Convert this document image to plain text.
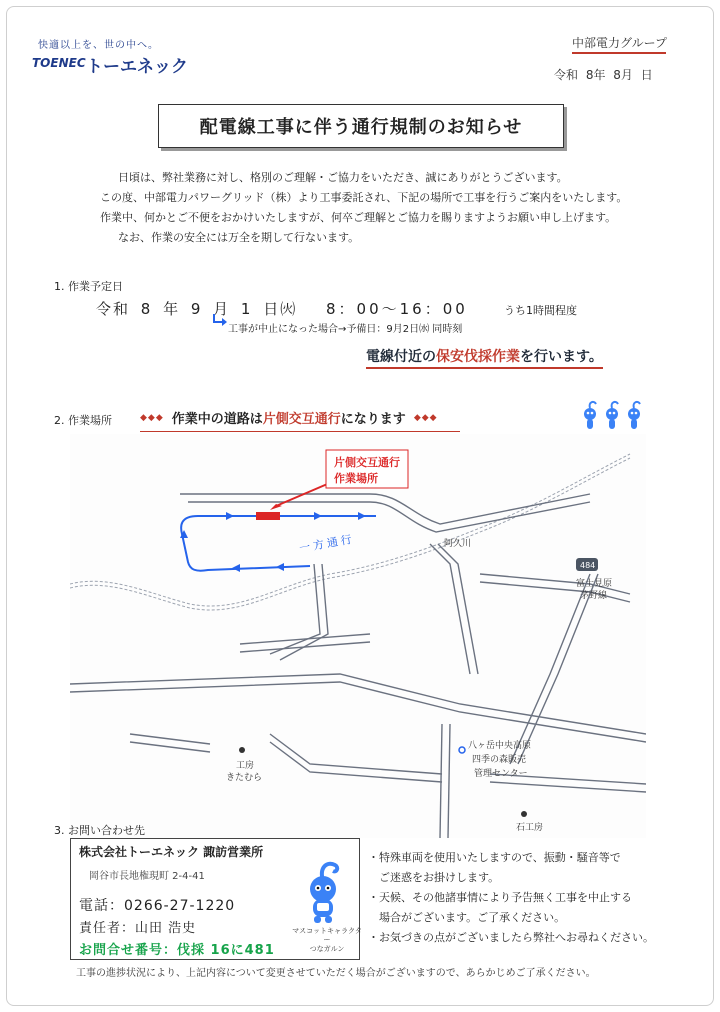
快適以上を、世の中へ。
TOENEC トーエネック
中部電力グループ
令和 8年 8月 日
配電線工事に伴う通行規制のお知らせ

日頃は、弊社業務に対し、格別のご理解・ご協力をいただき、誠にありがとうございます。

この度、中部電力パワーグリッド（株）より工事委託され、下記の場所で工事を行うご案内をいたします。

作業中、何かとご不便をおかけいたしますが、何卒ご理解とご協力を賜りますようお願い申し上げます。

なお、作業の安全には万全を期して行ないます。

1. 作業予定日
令和 8 年 9 月 1 日㈫ 8：00～16：00	うち1時間程度
工事が中止になった場合→予備日：9月2日㈬ 同時刻
電線付近の保安伐採作業を行います。
2. 作業場所	◆◆◆ 作業中の道路は片側交互通行になります ◆◆◆
片側交互通行
作業場所
一方通行	阿久川
484
富士見原
茅野線
工房
きたむら
八ヶ岳中央高原
四季の森販売
管理センター
石工房
3. お問い合わせ先
株式会社トーエネック 諏訪営業所
岡谷市長地権現町 2-4-41
電話：0266-27-1220
責任者：山田 浩史
お問合せ番号：伐採 16に481
マスコットキャラクター
つなガルン
・特殊車両を使用いたしますので、振動・騒音等で
　ご迷惑をお掛けします。
・天候、その他諸事情により予告無く工事を中止する
　場合がございます。ご了承ください。
・お気づきの点がございましたら弊社へお尋ねください。
工事の進捗状況により、上記内容について変更させていただく場合がございますので、あらかじめご了承ください。
